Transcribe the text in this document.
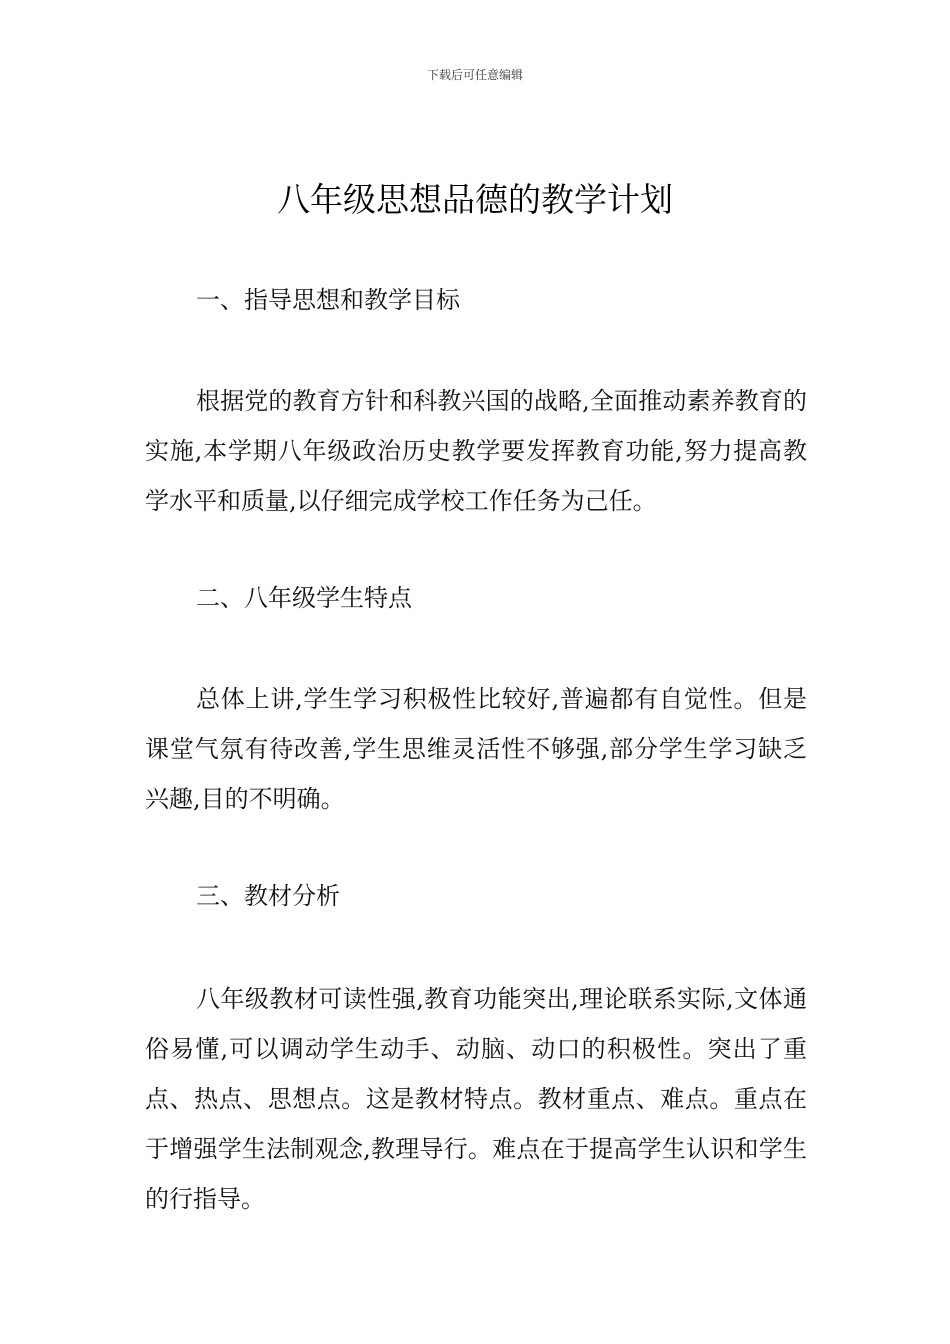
下载后可任意编辑
八年级思想品德的教学计划
一、指导思想和教学目标

根据党的教育方针和科教兴国的战略,全面推动素养教育的实施,本学期八年级政治历史教学要发挥教育功能,努力提高教学水平和质量,以仔细完成学校工作任务为己任。

二、八年级学生特点

总体上讲,学生学习积极性比较好,普遍都有自觉性。但是课堂气氛有待改善,学生思维灵活性不够强,部分学生学习缺乏兴趣,目的不明确。

三、教材分析

八年级教材可读性强,教育功能突出,理论联系实际,文体通俗易懂,可以调动学生动手、动脑、动口的积极性。突出了重点、热点、思想点。这是教材特点。教材重点、难点。重点在于增强学生法制观念,教理导行。难点在于提高学生认识和学生的行指导。
